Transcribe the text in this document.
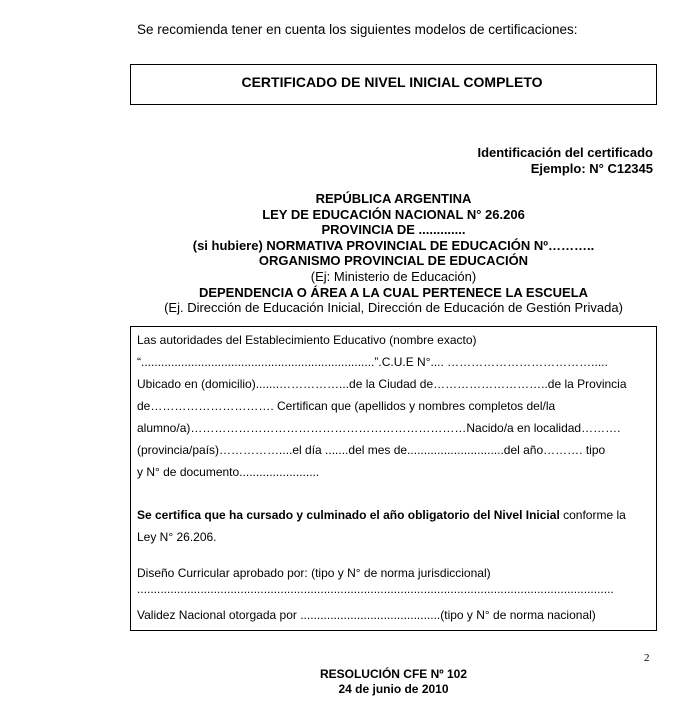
Se recomienda tener en cuenta los siguientes modelos de certificaciones:
CERTIFICADO DE NIVEL INICIAL COMPLETO
Identificación del certificado
Ejemplo: N° C12345
REPÚBLICA ARGENTINA
LEY DE EDUCACIÓN NACIONAL N° 26.206
PROVINCIA DE .............
(si hubiere) NORMATIVA PROVINCIAL DE EDUCACIÓN Nº………..
ORGANISMO PROVINCIAL DE EDUCACIÓN
(Ej: Ministerio de Educación)
DEPENDENCIA O ÁREA A LA CUAL PERTENECE LA ESCUELA
(Ej. Dirección de Educación Inicial, Dirección de Educación de Gestión Privada)
Las autoridades del Establecimiento Educativo (nombre exacto)
“......................................................................”.C.U.E N°.... ……………………………….....
Ubicado en (domicilio).......……………...de la Ciudad de………………………..de la Provincia
de…………………………. Certifican que (apellidos y nombres completos del/la
alumno/a)……………………………………………………………Nacido/a en localidad……….
(provincia/país)……………....el día .......del mes de.............................del año………. tipo
y N° de documento........................
Se certifica que ha cursado y culminado el año obligatorio del Nivel Inicial conforme la
Ley N° 26.206.
Diseño Curricular aprobado por: (tipo y N° de norma jurisdiccional)
...............................................................................................................................................
Validez Nacional otorgada por ..........................................(tipo y N° de norma nacional)
2
RESOLUCIÓN CFE Nº 102
24 de junio de 2010
